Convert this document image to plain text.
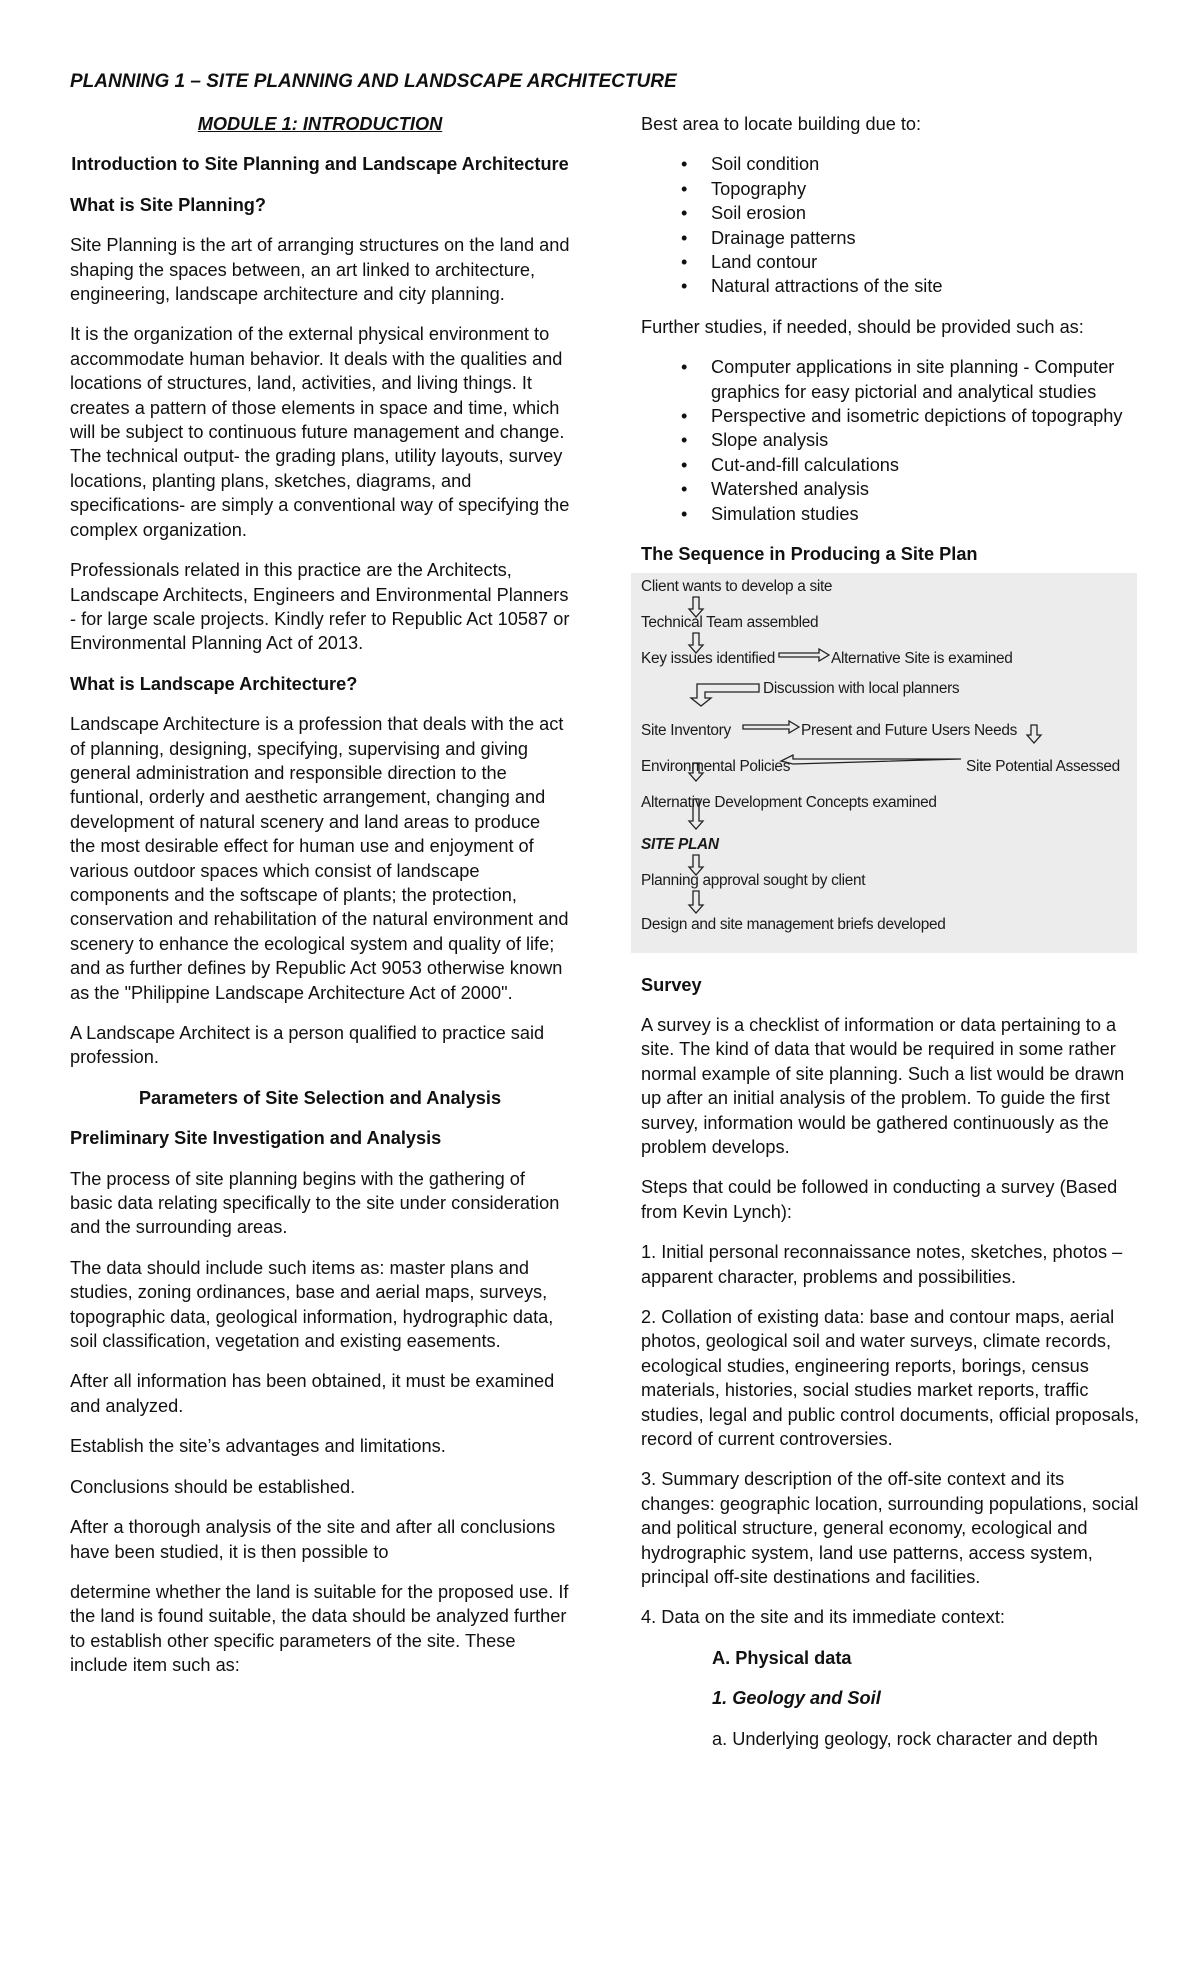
PLANNING 1 – SITE PLANNING AND LANDSCAPE ARCHITECTURE
MODULE 1: INTRODUCTION

Introduction to Site Planning and Landscape Architecture

What is Site Planning?

Site Planning is the art of arranging structures on the land and shaping the spaces between, an art linked to architecture, engineering, landscape architecture and city planning.

It is the organization of the external physical environment to accommodate human behavior. It deals with the qualities and locations of structures, land, activities, and living things. It creates a pattern of those elements in space and time, which will be subject to continuous future management and change. The technical output- the grading plans, utility layouts, survey locations, planting plans, sketches, diagrams, and specifications- are simply a conventional way of specifying the complex organization.

Professionals related in this practice are the Architects, Landscape Architects, Engineers and Environmental Planners - for large scale projects. Kindly refer to Republic Act 10587 or Environmental Planning Act of 2013.

What is Landscape Architecture?

Landscape Architecture is a profession that deals with the act of planning, designing, specifying, supervising and giving general administration and responsible direction to the funtional, orderly and aesthetic arrangement, changing and development of natural scenery and land areas to produce the most desirable effect for human use and enjoyment of various outdoor spaces which consist of landscape components and the softscape of plants; the protection, conservation and rehabilitation of the natural environment and scenery to enhance the ecological system and quality of life; and as further defines by Republic Act 9053 otherwise known as the "Philippine Landscape Architecture Act of 2000".

A Landscape Architect is a person qualified to practice said profession.

Parameters of Site Selection and Analysis

Preliminary Site Investigation and Analysis

The process of site planning begins with the gathering of basic data relating specifically to the site under consideration and the surrounding areas.

The data should include such items as: master plans and studies, zoning ordinances, base and aerial maps, surveys, topographic data, geological information, hydrographic data, soil classification, vegetation and existing easements.

After all information has been obtained, it must be examined and analyzed.

Establish the site’s advantages and limitations.

Conclusions should be established.

After a thorough analysis of the site and after all conclusions have been studied, it is then possible to

determine whether the land is suitable for the proposed use. If the land is found suitable, the data should be analyzed further to establish other specific parameters of the site. These include item such as:

Best area to locate building due to:

• Soil condition
• Topography
• Soil erosion
• Drainage patterns
• Land contour
• Natural attractions of the site

Further studies, if needed, should be provided such as:

• Computer applications in site planning - Computer graphics for easy pictorial and analytical studies
• Perspective and isometric depictions of topography
• Slope analysis
• Cut-and-fill calculations
• Watershed analysis
• Simulation studies

The Sequence in Producing a Site Plan

Client wants to develop a site
Technical Team assembled
Key issues identified	Alternative Site is examined
Discussion with local planners
Site Inventory	Present and Future Users Needs
Environmental Policies	Site Potential Assessed
Alternative Development Concepts examined
SITE PLAN
Planning approval sought by client
Design and site management briefs developed

Survey

A survey is a checklist of information or data pertaining to a site. The kind of data that would be required in some rather normal example of site planning. Such a list would be drawn up after an initial analysis of the problem. To guide the first survey, information would be gathered continuously as the problem develops.

Steps that could be followed in conducting a survey (Based from Kevin Lynch):

1. Initial personal reconnaissance notes, sketches, photos – apparent character, problems and possibilities.

2. Collation of existing data: base and contour maps, aerial photos, geological soil and water surveys, climate records, ecological studies, engineering reports, borings, census materials, histories, social studies market reports, traffic studies, legal and public control documents, official proposals, record of current controversies.

3. Summary description of the off-site context and its changes: geographic location, surrounding populations, social and political structure, general economy, ecological and hydrographic system, land use patterns, access system, principal off-site destinations and facilities.

4. Data on the site and its immediate context:

A. Physical data

1. Geology and Soil

a. Underlying geology, rock character and depth
